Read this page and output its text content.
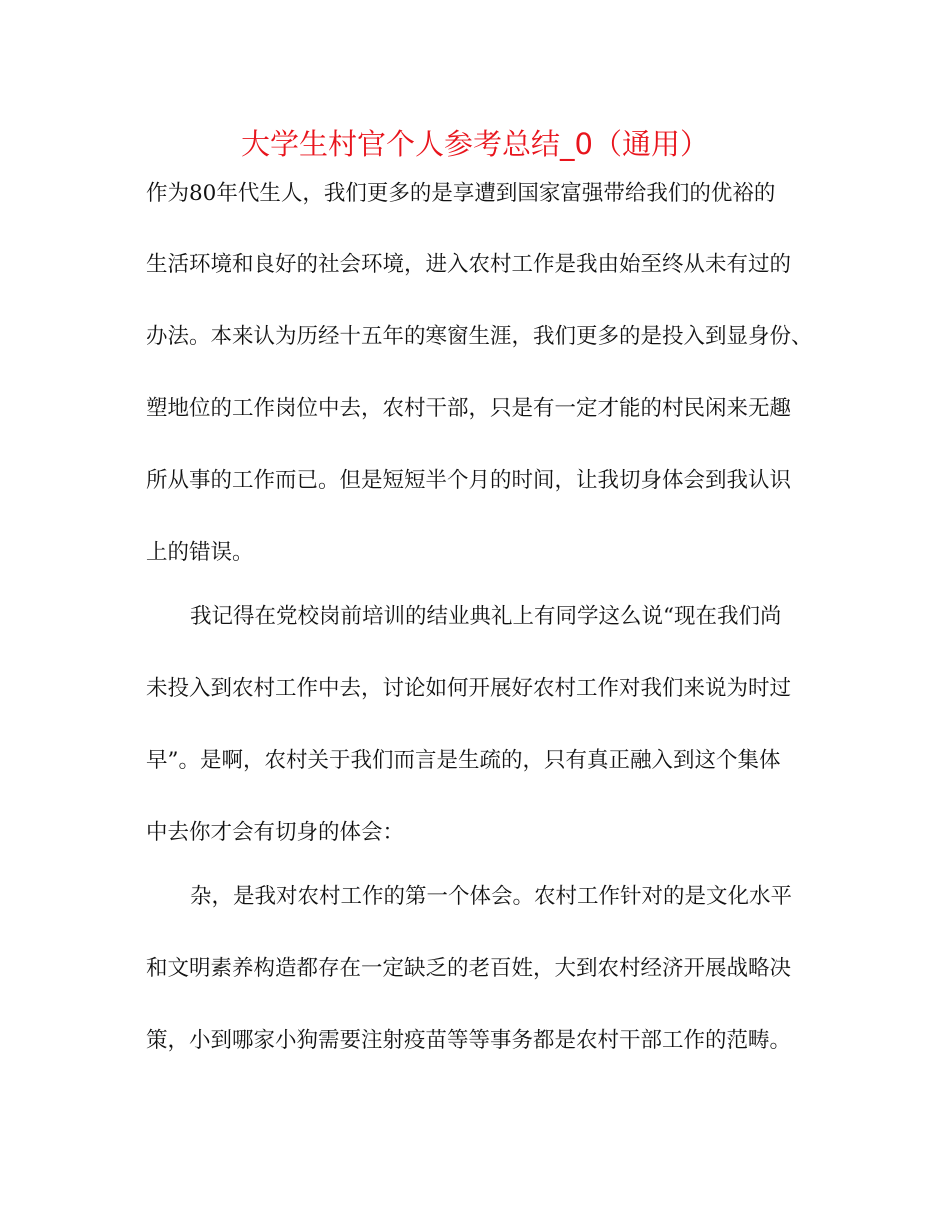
大学生村官个人参考总结_0（通用）
作为80年代生人，我们更多的是享遭到国家富强带给我们的优裕的
生活环境和良好的社会环境，进入农村工作是我由始至终从未有过的
办法。本来认为历经十五年的寒窗生涯，我们更多的是投入到显身份、
塑地位的工作岗位中去，农村干部，只是有一定才能的村民闲来无趣
所从事的工作而已。但是短短半个月的时间，让我切身体会到我认识
上的错误。
我记得在党校岗前培训的结业典礼上有同学这么说“现在我们尚
未投入到农村工作中去，讨论如何开展好农村工作对我们来说为时过
早”。是啊，农村关于我们而言是生疏的，只有真正融入到这个集体
中去你才会有切身的体会：
杂，是我对农村工作的第一个体会。农村工作针对的是文化水平
和文明素养构造都存在一定缺乏的老百姓，大到农村经济开展战略决
策，小到哪家小狗需要注射疫苗等等事务都是农村干部工作的范畴。
